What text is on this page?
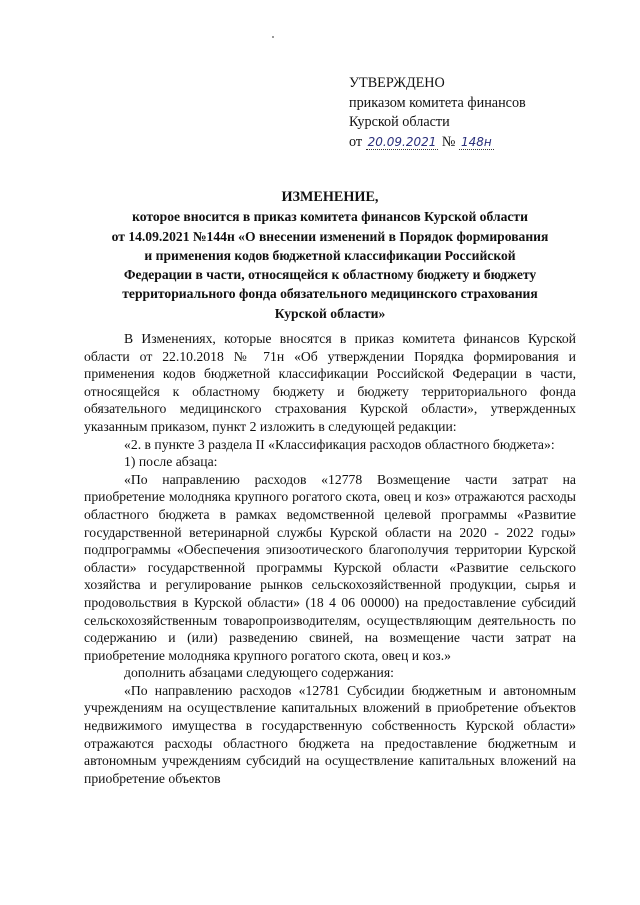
УТВЕРЖДЕНО
приказом комитета финансов
Курской области
от 20.09.2021 № 148н
ИЗМЕНЕНИЕ,
которое вносится в приказ комитета финансов Курской области
от 14.09.2021 №144н «О внесении изменений в Порядок формирования
и применения кодов бюджетной классификации Российской
Федерации в части, относящейся к областному бюджету и бюджету
территориального фонда обязательного медицинского страхования
Курской области»

В Изменениях, которые вносятся в приказ комитета финансов Курской области от 22.10.2018 № 71н «Об утверждении Порядка формирования и применения кодов бюджетной классификации Российской Федерации в части, относящейся к областному бюджету и бюджету территориального фонда обязательного медицинского страхования Курской области», утвержденных указанным приказом, пункт 2 изложить в следующей редакции:

«2. в пункте 3 раздела II «Классификация расходов областного бюджета»:

1) после абзаца:

«По направлению расходов «12778 Возмещение части затрат на приобретение молодняка крупного рогатого скота, овец и коз» отражаются расходы областного бюджета в рамках ведомственной целевой программы «Развитие государственной ветеринарной службы Курской области на 2020 - 2022 годы» подпрограммы «Обеспечения эпизоотического благополучия территории Курской области» государственной программы Курской области «Развитие сельского хозяйства и регулирование рынков сельскохозяйственной продукции, сырья и продовольствия в Курской области» (18 4 06 00000) на предоставление субсидий сельскохозяйственным товаропроизводителям, осуществляющим деятельность по содержанию и (или) разведению свиней, на возмещение части затрат на приобретение молодняка крупного рогатого скота, овец и коз.»

дополнить абзацами следующего содержания:

«По направлению расходов «12781 Субсидии бюджетным и автономным учреждениям на осуществление капитальных вложений в приобретение объектов недвижимого имущества в государственную собственность Курской области» отражаются расходы областного бюджета на предоставление бюджетным и автономным учреждениям субсидий на осуществление капитальных вложений на приобретение объектов
